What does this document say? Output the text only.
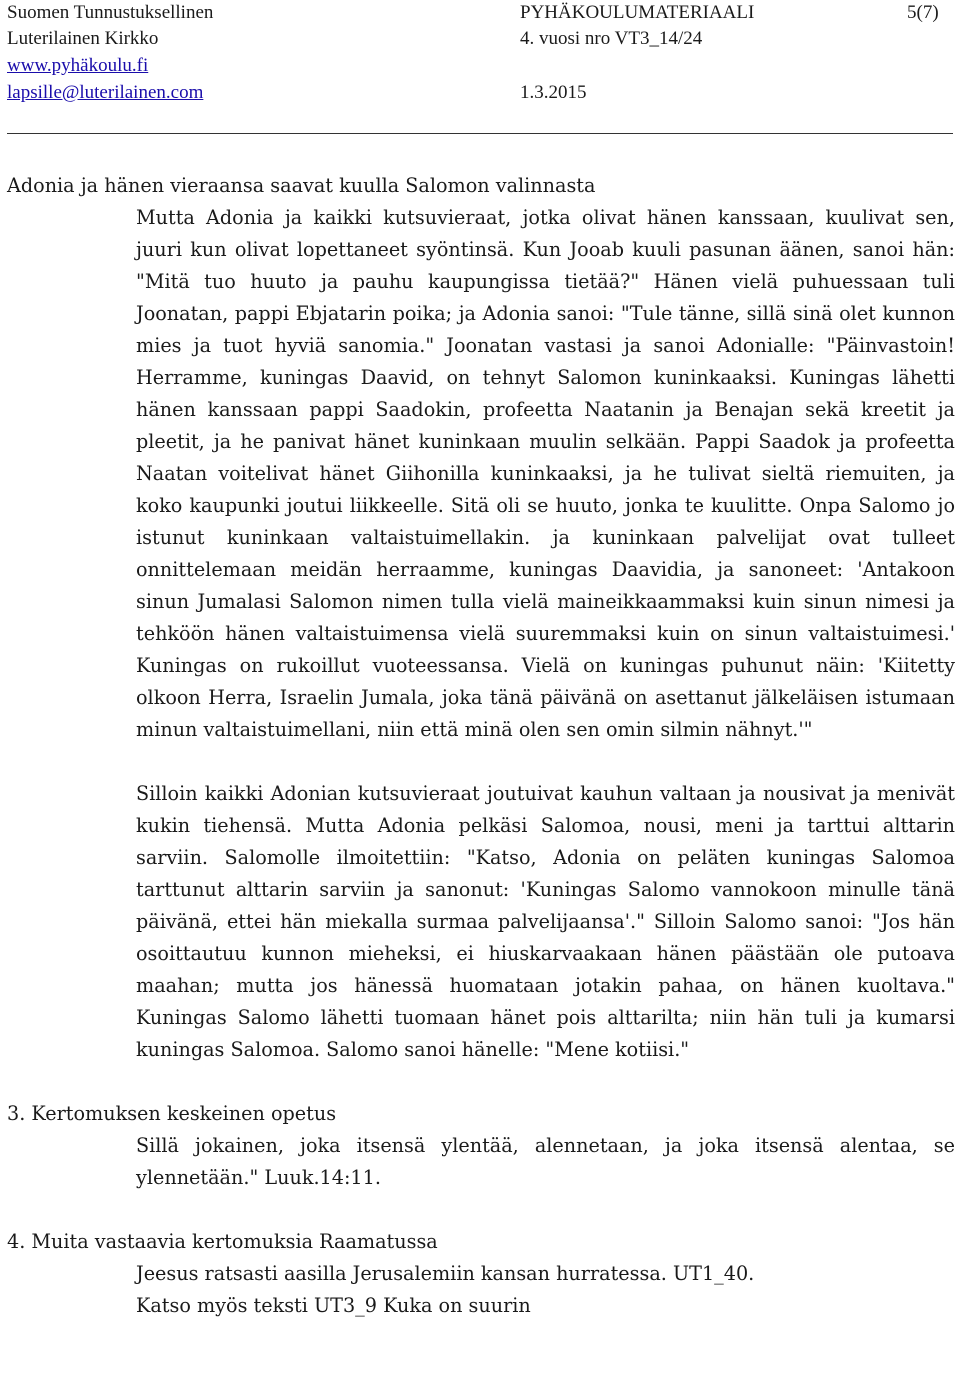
Suomen Tunnustuksellinen
Luterilainen Kirkko
www.pyhäkoulu.fi
lapsille@luterilainen.com
PYHÄKOULUMATERIAALI
4. vuosi nro VT3_14/24
1.3.2015
5(7)
Adonia ja hänen vieraansa saavat kuulla Salomon valinnasta
Mutta Adonia ja kaikki kutsuvieraat, jotka olivat hänen kanssaan, kuulivat sen, juuri kun olivat lopettaneet syöntinsä. Kun Jooab kuuli pasunan äänen, sanoi hän: "Mitä tuo huuto ja pauhu kaupungissa tietää?" Hänen vielä puhuessaan tuli Joonatan, pappi Ebjatarin poika; ja Adonia sanoi: "Tule tänne, sillä sinä olet kunnon mies ja tuot hyviä sanomia." Joonatan vastasi ja sanoi Adonialle: "Päinvastoin! Herramme, kuningas Daavid, on tehnyt Salomon kuninkaaksi. Kuningas lähetti hänen kanssaan pappi Saadokin, profeetta Naatanin ja Benajan sekä kreetit ja pleetit, ja he panivat hänet kuninkaan muulin selkään. Pappi Saadok ja profeetta Naatan voitelivat hänet Giihonilla kuninkaaksi, ja he tulivat sieltä riemuiten, ja koko kaupunki joutui liikkeelle. Sitä oli se huuto, jonka te kuulitte. Onpa Salomo jo istunut kuninkaan valtaistuimellakin. ja kuninkaan palvelijat ovat tulleet onnittelemaan meidän herraamme, kuningas Daavidia, ja sanoneet: 'Antakoon sinun Jumalasi Salomon nimen tulla vielä maineikkaammaksi kuin sinun nimesi ja tehköön hänen valtaistuimensa vielä suuremmaksi kuin on sinun valtaistuimesi.' Kuningas on rukoillut vuoteessansa. Vielä on kuningas puhunut näin: 'Kiitetty olkoon Herra, Israelin Jumala, joka tänä päivänä on asettanut jälkeläisen istumaan minun valtaistuimellani, niin että minä olen sen omin silmin nähnyt.'"
Silloin kaikki Adonian kutsuvieraat joutuivat kauhun valtaan ja nousivat ja menivät kukin tiehensä. Mutta Adonia pelkäsi Salomoa, nousi, meni ja tarttui alttarin sarviin. Salomolle ilmoitettiin: "Katso, Adonia on peläten kuningas Salomoa tarttunut alttarin sarviin ja sanonut: 'Kuningas Salomo vannokoon minulle tänä päivänä, ettei hän miekalla surmaa palvelijaansa'." Silloin Salomo sanoi: "Jos hän osoittautuu kunnon mieheksi, ei hiuskarvaakaan hänen päästään ole putoava maahan; mutta jos hänessä huomataan jotakin pahaa, on hänen kuoltava." Kuningas Salomo lähetti tuomaan hänet pois alttarilta; niin hän tuli ja kumarsi kuningas Salomoa. Salomo sanoi hänelle: "Mene kotiisi."
3. Kertomuksen keskeinen opetus
Sillä jokainen, joka itsensä ylentää, alennetaan, ja joka itsensä alentaa, se ylennetään." Luuk.14:11.
4. Muita vastaavia kertomuksia Raamatussa
Jeesus ratsasti aasilla Jerusalemiin kansan hurratessa. UT1_40.
Katso myös teksti UT3_9 Kuka on suurin
